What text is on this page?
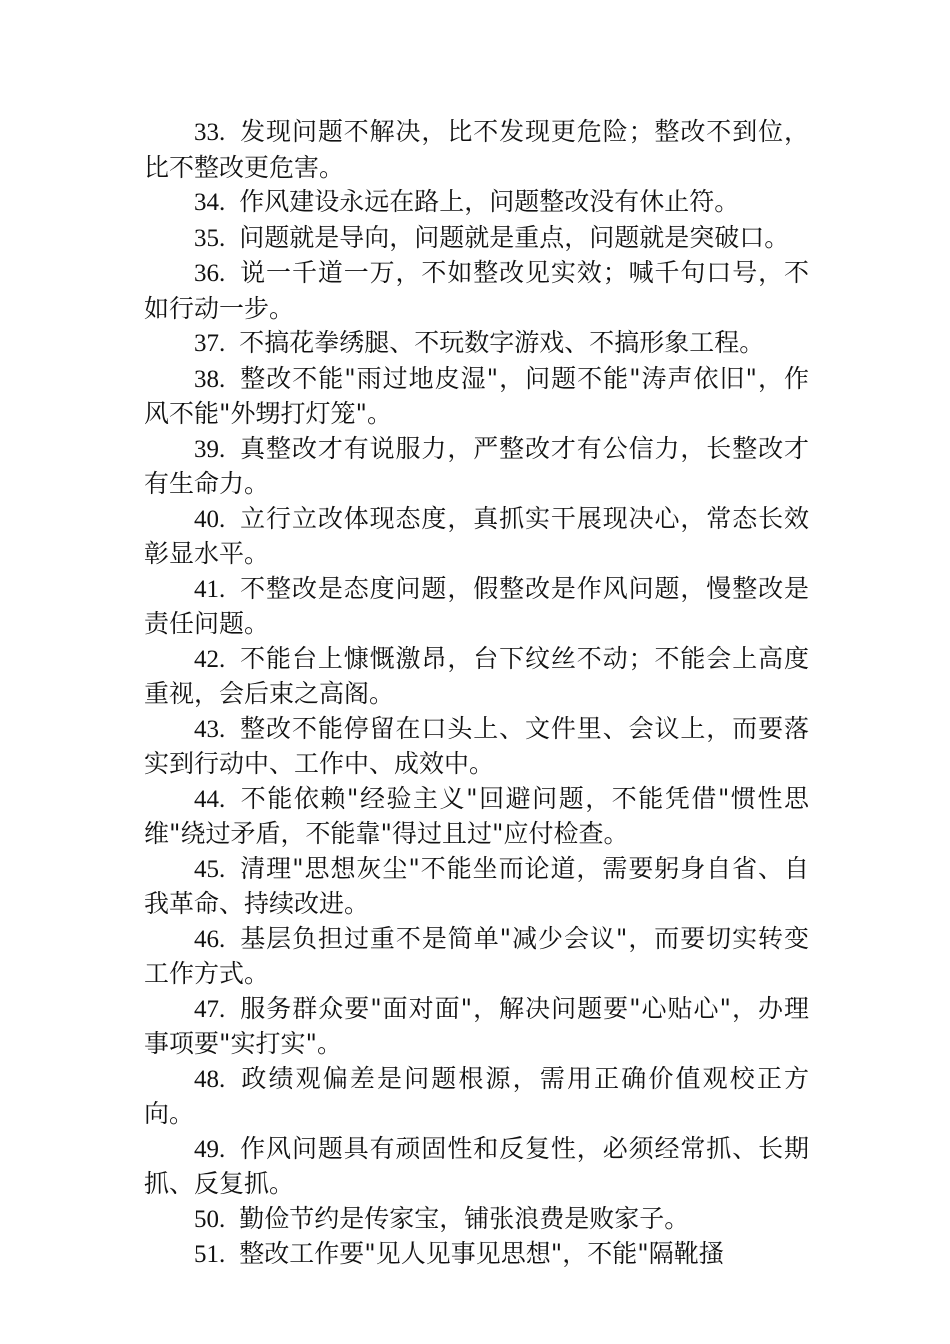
33. 发现问题不解决，比不发现更危险；整改不到位，比不整改更危害。

34. 作风建设永远在路上，问题整改没有休止符。

35. 问题就是导向，问题就是重点，问题就是突破口。

36. 说一千道一万，不如整改见实效；喊千句口号，不如行动一步。

37. 不搞花拳绣腿、不玩数字游戏、不搞形象工程。

38. 整改不能"雨过地皮湿"，问题不能"涛声依旧"，作风不能"外甥打灯笼"。

39. 真整改才有说服力，严整改才有公信力，长整改才有生命力。

40. 立行立改体现态度，真抓实干展现决心，常态长效彰显水平。

41. 不整改是态度问题，假整改是作风问题，慢整改是责任问题。

42. 不能台上慷慨激昂，台下纹丝不动；不能会上高度重视，会后束之高阁。

43. 整改不能停留在口头上、文件里、会议上，而要落实到行动中、工作中、成效中。

44. 不能依赖"经验主义"回避问题，不能凭借"惯性思维"绕过矛盾，不能靠"得过且过"应付检查。

45. 清理"思想灰尘"不能坐而论道，需要躬身自省、自我革命、持续改进。

46. 基层负担过重不是简单"减少会议"，而要切实转变工作方式。

47. 服务群众要"面对面"，解决问题要"心贴心"，办理事项要"实打实"。

48. 政绩观偏差是问题根源，需用正确价值观校正方向。

49. 作风问题具有顽固性和反复性，必须经常抓、长期抓、反复抓。

50. 勤俭节约是传家宝，铺张浪费是败家子。

51. 整改工作要"见人见事见思想"，不能"隔靴搔
